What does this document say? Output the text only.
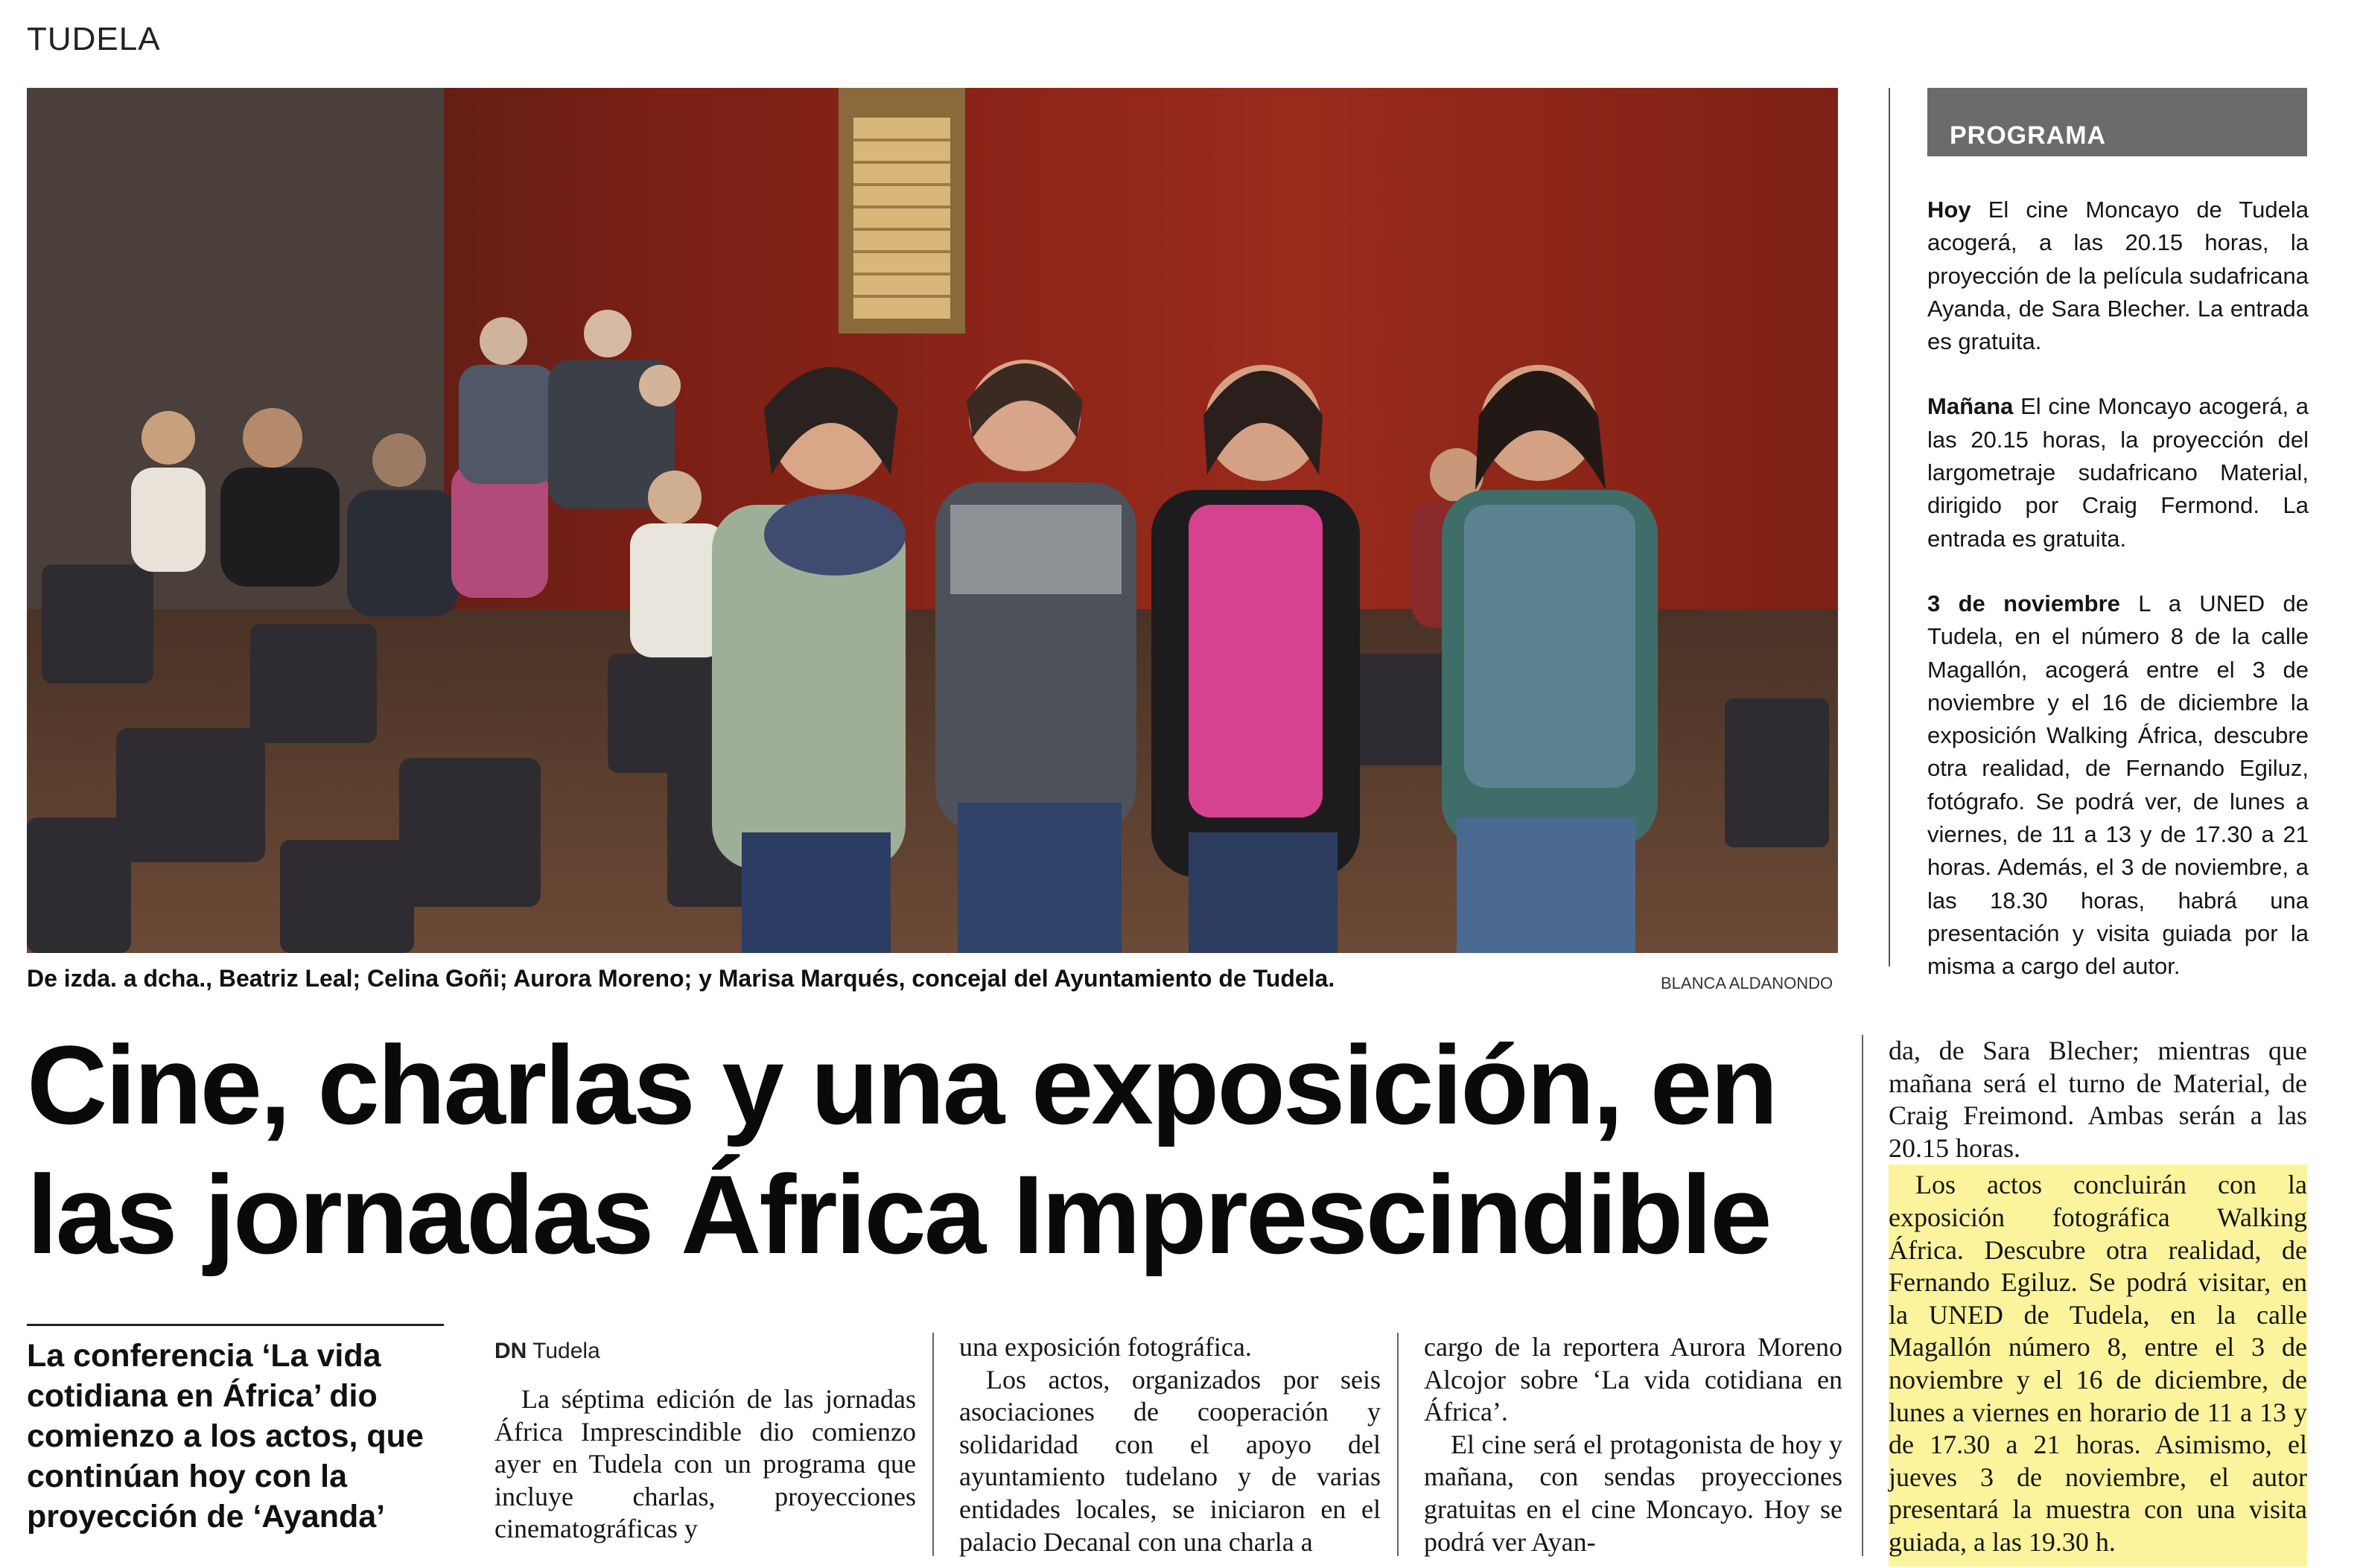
TUDELA
De izda. a dcha., Beatriz Leal; Celina Goñi; Aurora Moreno; y Marisa Marqués, concejal del Ayuntamiento de Tudela.	BLANCA ALDANONDO
Cine, charlas y una exposición, en
las jornadas África Imprescindible
PROGRAMA

Hoy El cine Moncayo de Tudela acogerá, a las 20.15 horas, la proyección de la película sudafricana Ayanda, de Sara Blecher. La entrada es gratuita.

Mañana El cine Moncayo acogerá, a las 20.15 horas, la proyección del largometraje sudafricano Material, dirigido por Craig Fermond. La entrada es gratuita.

3 de noviembre L a UNED de Tudela, en el número 8 de la calle Magallón, acogerá entre el 3 de noviembre y el 16 de diciembre la exposición Walking África, descubre otra realidad, de Fernando Egiluz, fotógrafo. Se podrá ver, de lunes a viernes, de 11 a 13 y de 17.30 a 21 horas. Además, el 3 de noviembre, a las 18.30 horas, habrá una presentación y visita guiada por la misma a cargo del autor.

La conferencia ‘La vida cotidiana en África’ dio comienzo a los actos, que continúan hoy con la proyección de ‘Ayanda’
DN Tudela

La séptima edición de las jornadas África Imprescindible dio comienzo ayer en Tudela con un programa que incluye charlas, proyecciones cinematográficas y

una exposición fotográfica.

Los actos, organizados por seis asociaciones de cooperación y solidaridad con el apoyo del ayuntamiento tudelano y de varias entidades locales, se iniciaron en el palacio Decanal con una charla a

cargo de la reportera Aurora Moreno Alcojor sobre ‘La vida cotidiana en África’.

El cine será el protagonista de hoy y mañana, con sendas proyecciones gratuitas en el cine Moncayo. Hoy se podrá ver Ayan-

da, de Sara Blecher; mientras que mañana será el turno de Material, de Craig Freimond. Ambas serán a las 20.15 horas.

Los actos concluirán con la exposición fotográfica Walking África. Descubre otra realidad, de Fernando Egiluz. Se podrá visitar, en la UNED de Tudela, en la calle Magallón número 8, entre el 3 de noviembre y el 16 de diciembre, de lunes a viernes en horario de 11 a 13 y de 17.30 a 21 horas. Asimismo, el jueves 3 de noviembre, el autor presentará la muestra con una visita guiada, a las 19.30 h.
